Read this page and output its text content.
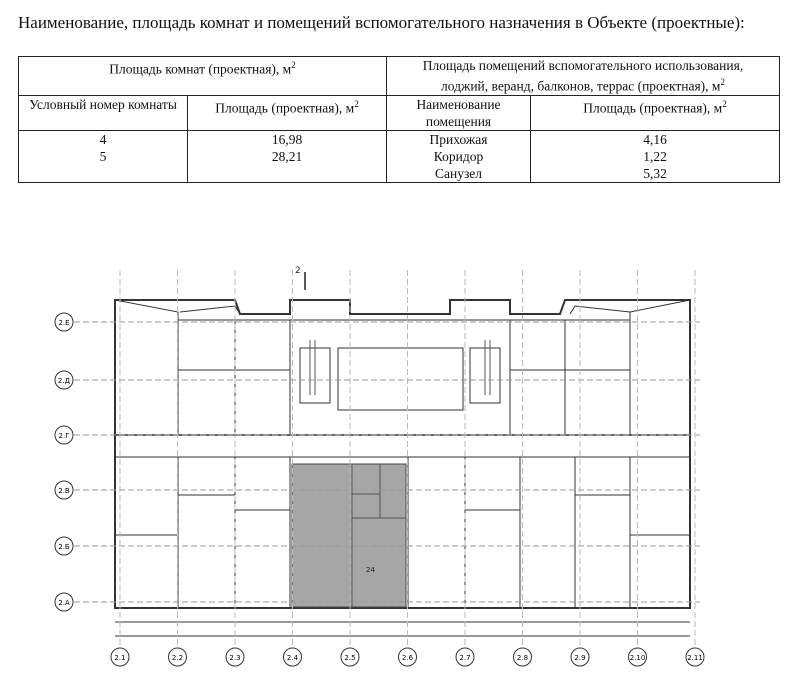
Наименование, площадь комнат и помещений вспомогательного назначения в Объекте (проектные):
Площадь комнат (проектная), $м^2$		Площадь помещений вспомогательного использования,
лоджий, веранд, балконов, террас (проектная), $м^2$
Условный номер комнаты	Площадь (проектная), $м^2$	Наименование помещения	Площадь (проектная), $м^2$
4	16,98	Прихожая	4,16
5	28,21	Коридор	1,22
		Санузел	5,32
24
2
2.Е
2.Д
2.Г
2.В
2.Б
2.А
2.1	2.2	2.3	2.4	2.5	2.6	2.7	2.8	2.9	2.10	2.11
